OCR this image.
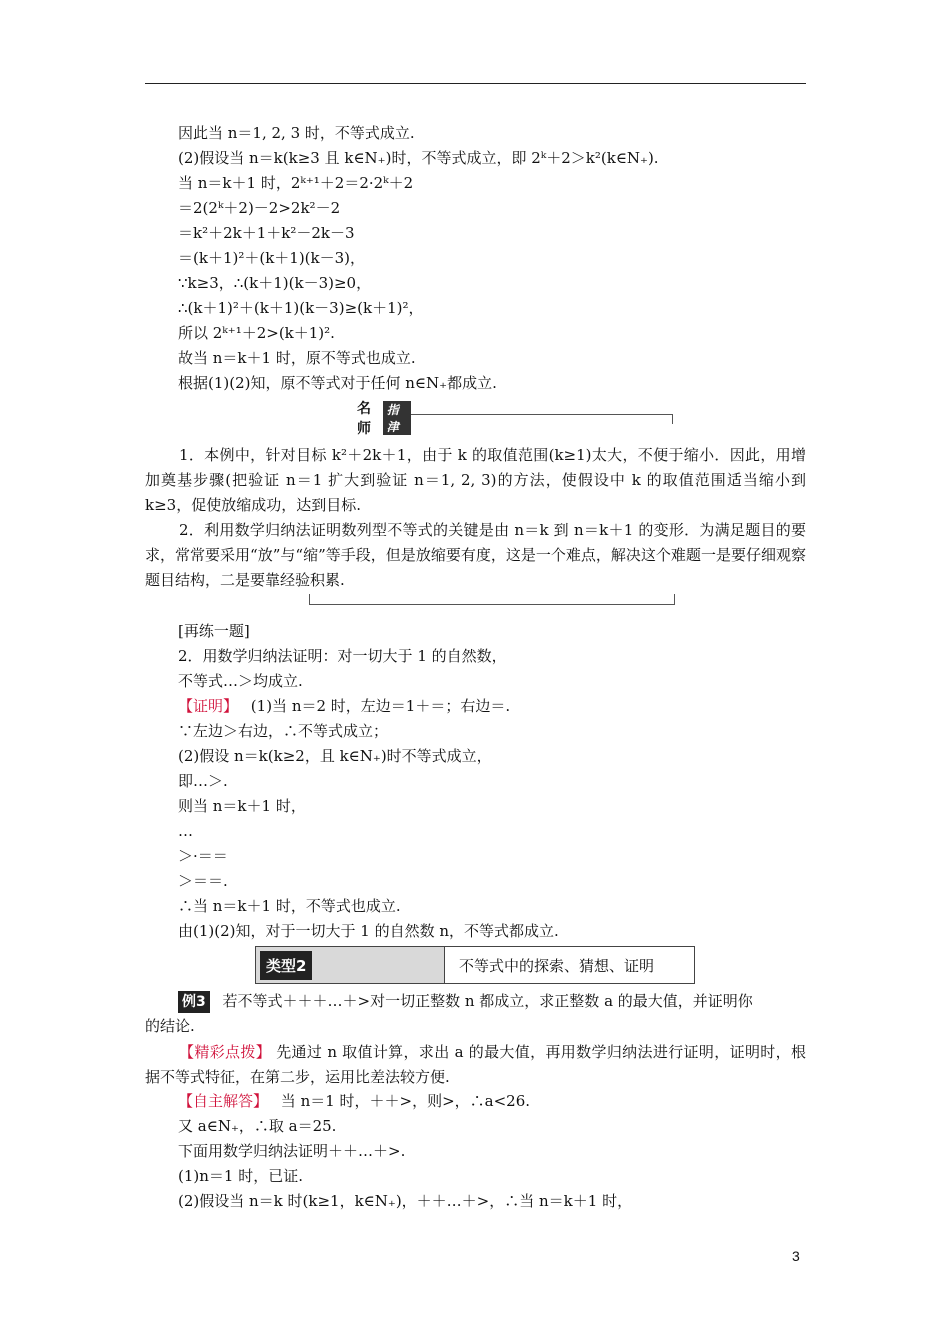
因此当 n＝1, 2, 3 时，不等式成立.
(2)假设当 n＝k(k≥3 且 k∈N₊)时，不等式成立，即 2ᵏ＋2＞k²(k∈N₊).
当 n＝k＋1 时，2ᵏ⁺¹＋2＝2·2ᵏ＋2
＝2(2ᵏ＋2)－2>2k²－2
＝k²＋2k＋1＋k²－2k－3
＝(k＋1)²＋(k＋1)(k－3)，
∵k≥3，∴(k＋1)(k－3)≥0，
∴(k＋1)²＋(k＋1)(k－3)≥(k＋1)²，
所以 2ᵏ⁺¹＋2>(k＋1)².
故当 n＝k＋1 时，原不等式也成立.
根据(1)(2)知，原不等式对于任何 n∈N₊都成立.
名师
指津
1．本例中，针对目标 k²＋2k＋1，由于 k 的取值范围(k≥1)太大，不便于缩小．因此，用增加奠基步骤(把验证 n＝1 扩大到验证 n＝1, 2, 3)的方法，使假设中 k 的取值范围适当缩小到 k≥3，促使放缩成功，达到目标.
2．利用数学归纳法证明数列型不等式的关键是由 n＝k 到 n＝k＋1 的变形．为满足题目的要求，常常要采用“放”与“缩”等手段，但是放缩要有度，这是一个难点，解决这个难题一是要仔细观察题目结构，二是要靠经验积累.
[再练一题]
2．用数学归纳法证明：对一切大于 1 的自然数，
不等式…＞均成立.
【证明】 (1)当 n＝2 时，左边＝1＋＝；右边＝.
∵左边＞右边，∴不等式成立；
(2)假设 n＝k(k≥2，且 k∈N₊)时不等式成立，
即…＞.
则当 n＝k＋1 时，
…
＞·＝＝
＞＝＝.
∴当 n＝k＋1 时，不等式也成立.
由(1)(2)知，对于一切大于 1 的自然数 n，不等式都成立.
类型2	不等式中的探索、猜想、证明
例3 若不等式＋＋＋…＋>对一切正整数 n 都成立，求正整数 a 的最大值，并证明你
的结论.
【精彩点拨】 先通过 n 取值计算，求出 a 的最大值，再用数学归纳法进行证明，证明时，根据不等式特征，在第二步，运用比差法较方便.
【自主解答】 当 n＝1 时，＋＋>，则>，∴a<26.
又 a∈N₊，∴取 a＝25.
下面用数学归纳法证明＋＋…＋>.
(1)n＝1 时，已证.
(2)假设当 n＝k 时(k≥1，k∈N₊)，＋＋…＋>，∴当 n＝k＋1 时，
3
